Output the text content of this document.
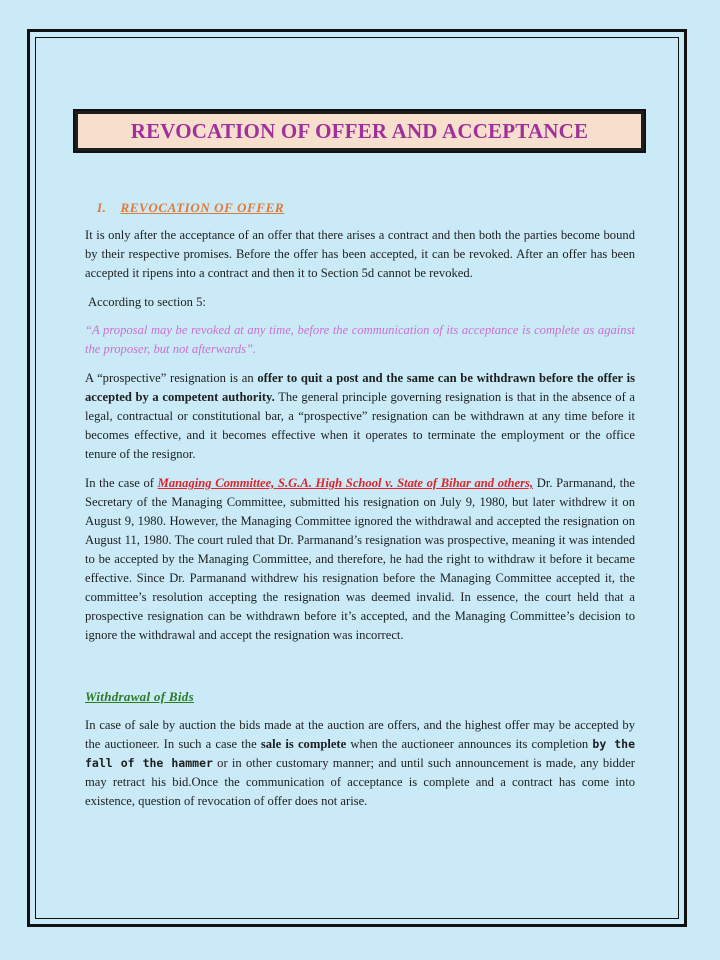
REVOCATION OF OFFER AND ACCEPTANCE
I. REVOCATION OF OFFER

It is only after the acceptance of an offer that there arises a contract and then both the parties become bound by their respective promises. Before the offer has been accepted, it can be revoked. After an offer has been accepted it ripens into a contract and then it to Section 5d cannot be revoked.

According to section 5:

“A proposal may be revoked at any time, before the communication of its acceptance is complete as against the proposer, but not afterwards”.

A “prospective” resignation is an offer to quit a post and the same can be withdrawn before the offer is accepted by a competent authority. The general principle governing resignation is that in the absence of a legal, contractual or constitutional bar, a “prospective” resignation can be withdrawn at any time before it becomes effective, and it becomes effective when it operates to terminate the employment or the office tenure of the resignor.

In the case of Managing Committee, S.G.A. High School v. State of Bihar and others, Dr. Parmanand, the Secretary of the Managing Committee, submitted his resignation on July 9, 1980, but later withdrew it on August 9, 1980. However, the Managing Committee ignored the withdrawal and accepted the resignation on August 11, 1980. The court ruled that Dr. Parmanand’s resignation was prospective, meaning it was intended to be accepted by the Managing Committee, and therefore, he had the right to withdraw it before it became effective. Since Dr. Parmanand withdrew his resignation before the Managing Committee accepted it, the committee’s resolution accepting the resignation was deemed invalid. In essence, the court held that a prospective resignation can be withdrawn before it’s accepted, and the Managing Committee’s decision to ignore the withdrawal and accept the resignation was incorrect.

Withdrawal of Bids

In case of sale by auction the bids made at the auction are offers, and the highest offer may be accepted by the auctioneer. In such a case the sale is complete when the auctioneer announces its completion by the fall of the hammer or in other customary manner; and until such announcement is made, any bidder may retract his bid.Once the communication of acceptance is complete and a contract has come into existence, question of revocation of offer does not arise.
